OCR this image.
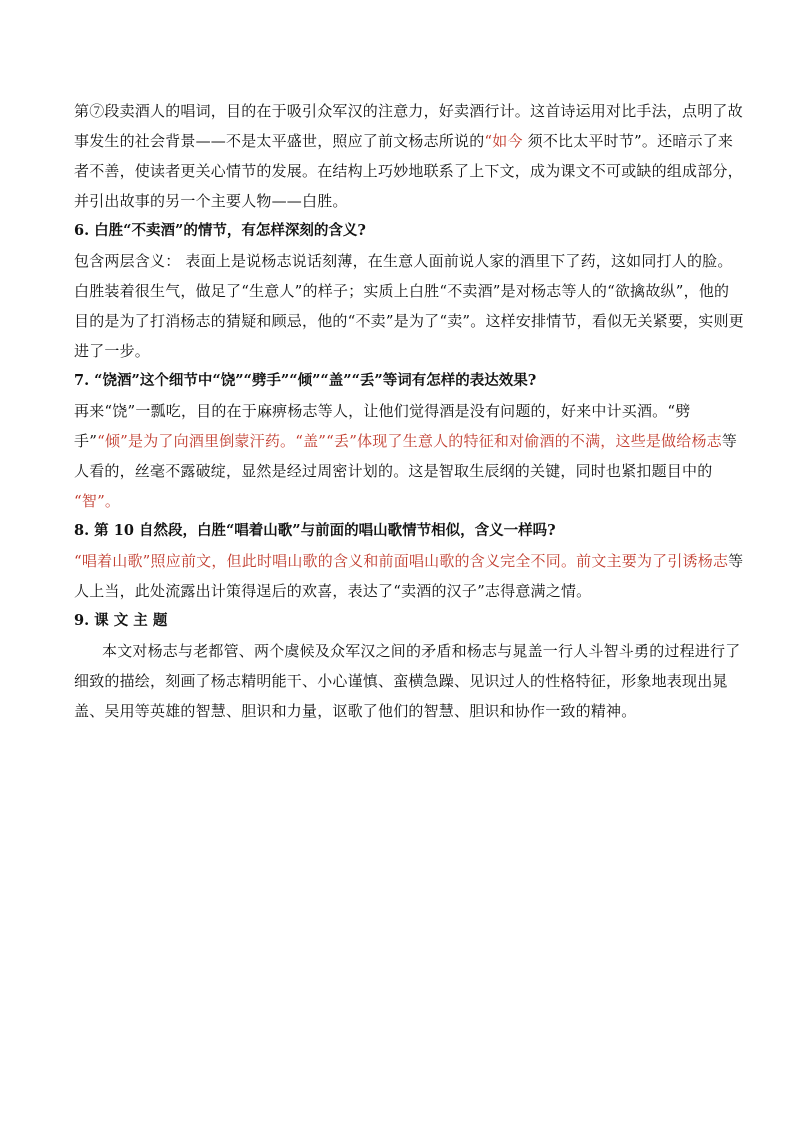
第⑦段卖酒人的唱词，目的在于吸引众军汉的注意力，好卖酒行计。这首诗运用对比手法，点明了故事发生的社会背景——不是太平盛世，照应了前文杨志所说的“如今 须不比太平时节”。还暗示了来者不善，使读者更关心情节的发展。在结构上巧妙地联系了上下文，成为课文不可或缺的组成部分，并引出故事的另一个主要人物——白胜。

6. 白胜“不卖酒”的情节，有怎样深刻的含义?

包含两层含义： 表面上是说杨志说话刻薄，在生意人面前说人家的酒里下了药，这如同打人的脸。白胜装着很生气，做足了“生意人”的样子；实质上白胜“不卖酒”是对杨志等人的“欲擒故纵”，他的目的是为了打消杨志的猜疑和顾忌，他的“不卖”是为了“卖”。这样安排情节，看似无关紧要，实则更进了一步。

7. “饶酒”这个细节中“饶”“劈手”“倾”“盖”“丢”等词有怎样的表达效果?

再来“饶”一瓢吃，目的在于麻痹杨志等人，让他们觉得酒是没有问题的，好来中计买酒。“劈手”“倾”是为了向酒里倒蒙汗药。“盖”“丢”体现了生意人的特征和对偷酒的不满，这些是做给杨志等人看的，丝毫不露破绽，显然是经过周密计划的。这是智取生辰纲的关键，同时也紧扣题目中的
“智”。

8. 第 10 自然段，白胜“唱着山歌”与前面的唱山歌情节相似，含义一样吗?

“唱着山歌”照应前文，但此时唱山歌的含义和前面唱山歌的含义完全不同。前文主要为了引诱杨志等人上当，此处流露出计策得逞后的欢喜，表达了“卖酒的汉子”志得意满之情。

9. 课 文 主 题

本文对杨志与老都管、两个虞候及众军汉之间的矛盾和杨志与晁盖一行人斗智斗勇的过程进行了细致的描绘，刻画了杨志精明能干、小心谨慎、蛮横急躁、见识过人的性格特征，形象地表现出晁盖、吴用等英雄的智慧、胆识和力量，讴歌了他们的智慧、胆识和协作一致的精神。
